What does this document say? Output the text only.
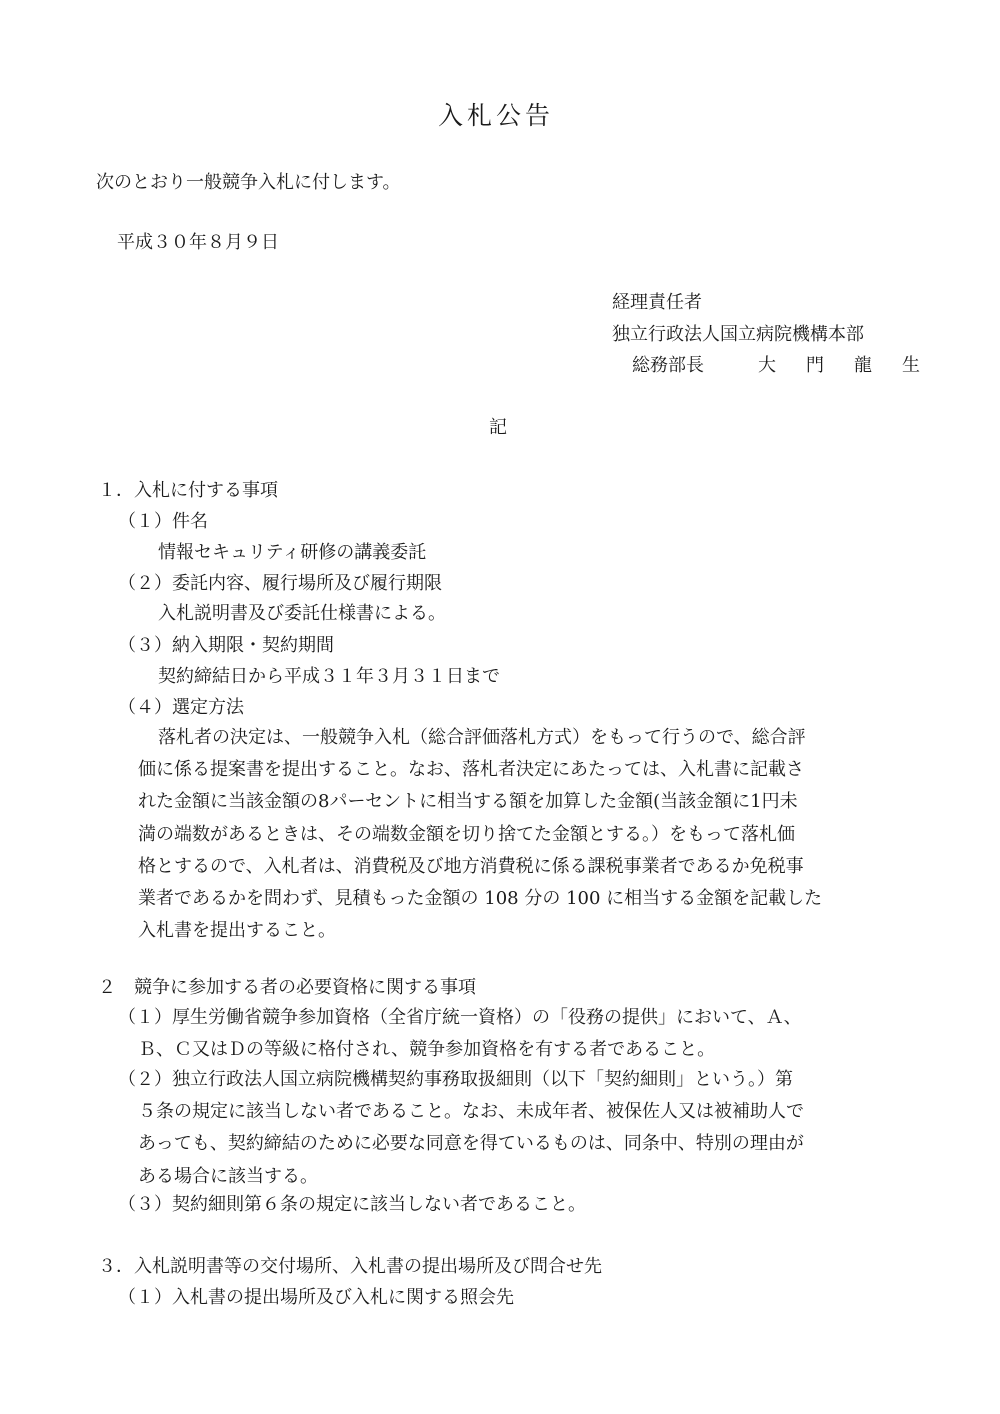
入札公告
次のとおり一般競争入札に付します。
平成３０年８月９日
経理責任者
独立行政法人国立病院機構本部
総務部長	大　門　龍　生
記
１．入札に付する事項
（１）件名
情報セキュリティ研修の講義委託
（２）委託内容、履行場所及び履行期限
入札説明書及び委託仕様書による。
（３）納入期限・契約期間
契約締結日から平成３１年３月３１日まで
（４）選定方法
落札者の決定は、一般競争入札（総合評価落札方式）をもって行うので、総合評
価に係る提案書を提出すること。なお、落札者決定にあたっては、入札書に記載さ
れた金額に当該金額の8パーセントに相当する額を加算した金額(当該金額に1円未
満の端数があるときは、その端数金額を切り捨てた金額とする。）をもって落札価
格とするので、入札者は、消費税及び地方消費税に係る課税事業者であるか免税事
業者であるかを問わず、見積もった金額の 108 分の 100 に相当する金額を記載した
入札書を提出すること。
２　競争に参加する者の必要資格に関する事項
（１）厚生労働省競争参加資格（全省庁統一資格）の「役務の提供」において、Ａ、
Ｂ、Ｃ又はＤの等級に格付され、競争参加資格を有する者であること。
（２）独立行政法人国立病院機構契約事務取扱細則（以下「契約細則」という。）第
５条の規定に該当しない者であること。なお、未成年者、被保佐人又は被補助人で
あっても、契約締結のために必要な同意を得ているものは、同条中、特別の理由が
ある場合に該当する。
（３）契約細則第６条の規定に該当しない者であること。
３．入札説明書等の交付場所、入札書の提出場所及び問合せ先
（１）入札書の提出場所及び入札に関する照会先
